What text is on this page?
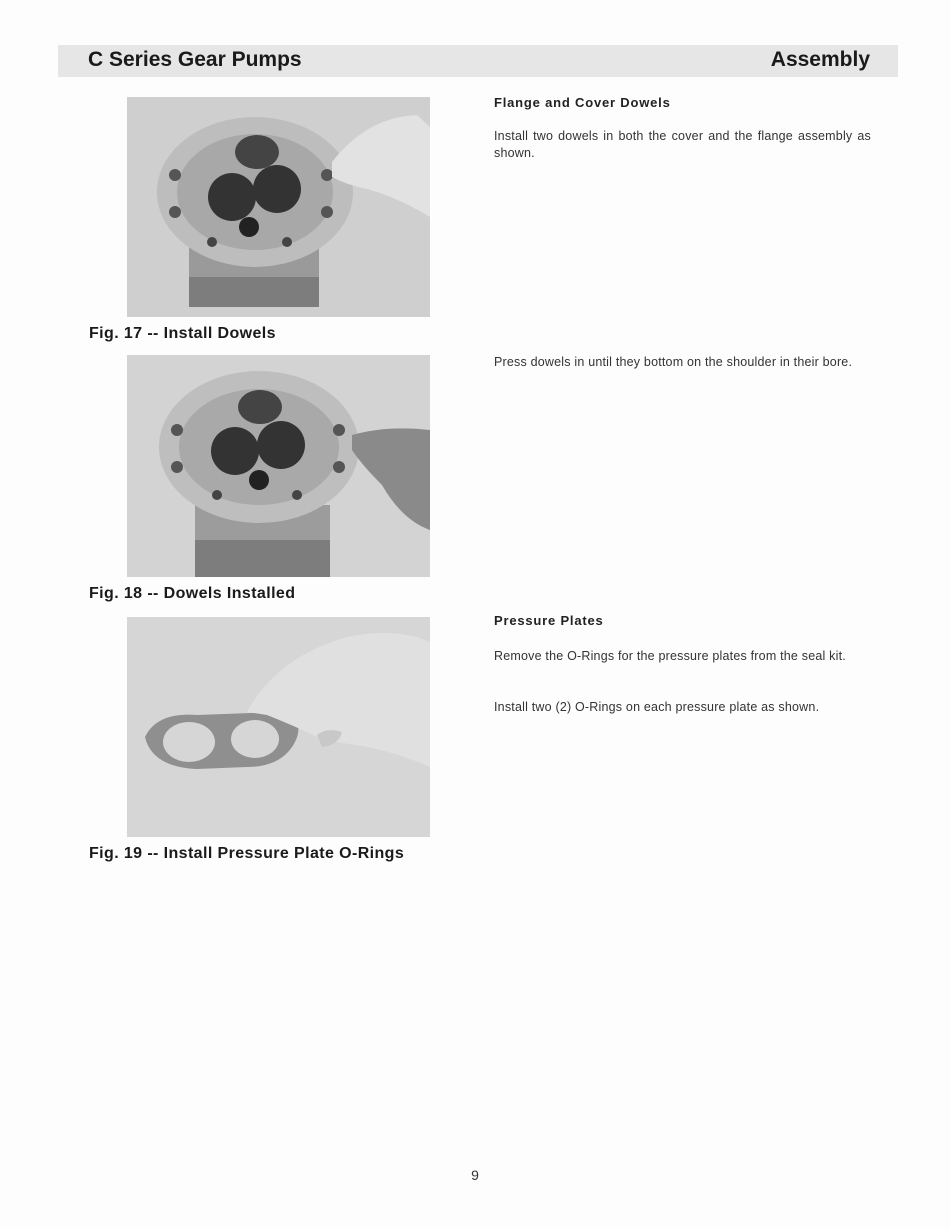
C Series Gear Pumps	Assembly
Fig. 17 -- Install Dowels
Fig. 18 -- Dowels Installed
Fig. 19 -- Install Pressure Plate O-Rings
Flange and Cover Dowels
Install two dowels in both the cover and the flange assembly as shown.
Press dowels in until they bottom on the shoulder in their bore.
Pressure Plates
Remove the O-Rings for the pressure plates from the seal kit.
Install two (2) O-Rings on each pressure plate as shown.
9
